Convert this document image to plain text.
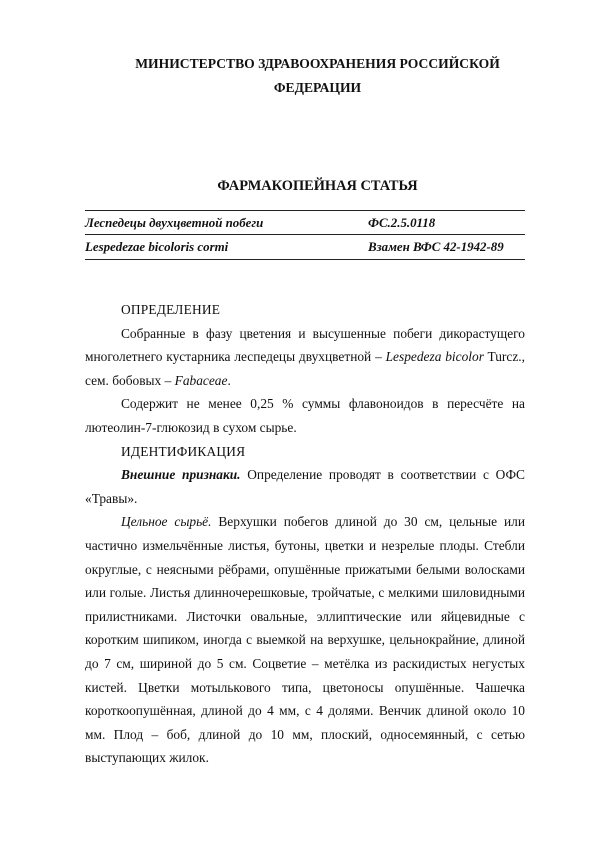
МИНИСТЕРСТВО ЗДРАВООХРАНЕНИЯ РОССИЙСКОЙ
ФЕДЕРАЦИИ
ФАРМАКОПЕЙНАЯ СТАТЬЯ
Леспедецы двухцветной побеги	ФС.2.5.0118
Lespedezae bicoloris cormi	Взамен ВФС 42-1942-89

ОПРЕДЕЛЕНИЕ

Собранные в фазу цветения и высушенные побеги дикорастущего многолетнего кустарника леспедецы двухцветной – Lespedeza bicolor Turcz., сем. бобовых – Fabaceae.

Содержит не менее 0,25 % суммы флавоноидов в пересчёте на лютеолин-7-глюкозид в сухом сырье.

ИДЕНТИФИКАЦИЯ

Внешние признаки. Определение проводят в соответствии с ОФС «Травы».

Цельное сырьё. Верхушки побегов длиной до 30 см, цельные или частично измельчённые листья, бутоны, цветки и незрелые плоды. Стебли округлые, с неясными рёбрами, опушённые прижатыми белыми волосками или голые. Листья длинночерешковые, тройчатые, с мелкими шиловидными прилистниками. Листочки овальные, эллиптические или яйцевидные с коротким шипиком, иногда с выемкой на верхушке, цельнокрайние, длиной до 7 см, шириной до 5 см. Соцветие – метёлка из раскидистых негустых кистей. Цветки мотылькового типа, цветоносы опушённые. Чашечка короткоопушённая, длиной до 4 мм, с 4 долями. Венчик длиной около 10 мм. Плод – боб, длиной до 10 мм, плоский, односемянный, с сетью выступающих жилок.
